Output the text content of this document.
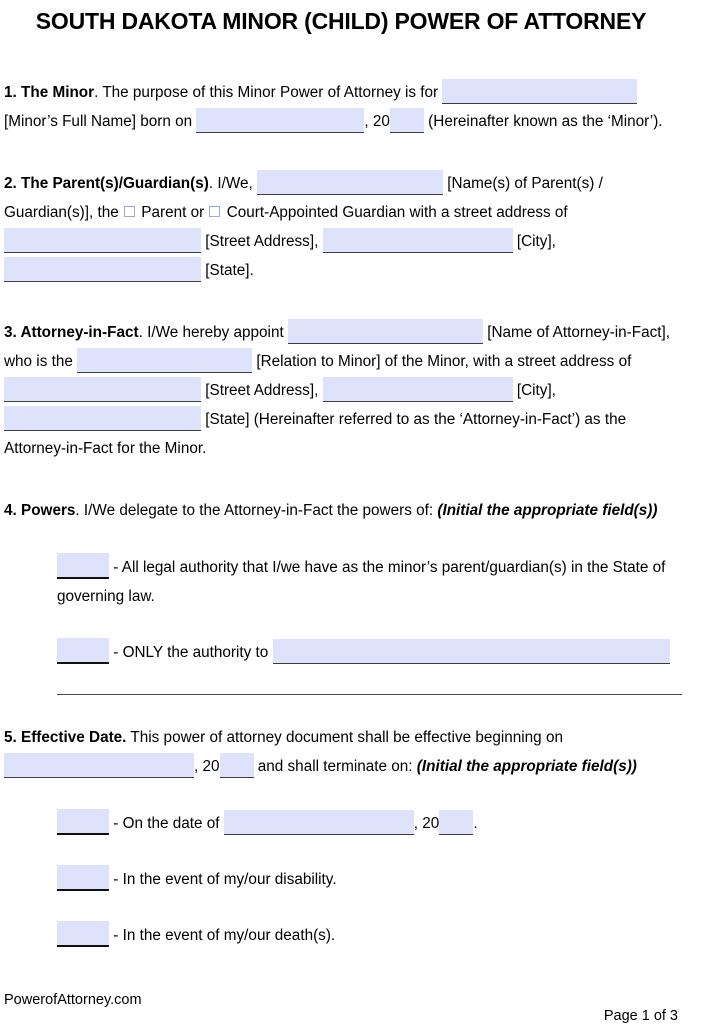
SOUTH DAKOTA MINOR (CHILD) POWER OF ATTORNEY

1. The Minor. The purpose of this Minor Power of Attorney is for  [Minor’s Full Name] born on	, 20 (Hereinafter known as the ‘Minor’).

2. The Parent(s)/Guardian(s). I/We,	[Name(s) of Parent(s) / Guardian(s)], the  Parent or  Court-Appointed Guardian with a street address of  [Street Address],	[City],  [State].

3. Attorney-in-Fact. I/We hereby appoint	[Name of Attorney-in-Fact], who is the	[Relation to Minor] of the Minor, with a street address of  [Street Address],	[City],  [State] (Hereinafter referred to as the ‘Attorney-in-Fact’) as the Attorney-in-Fact for the Minor.

4. Powers. I/We delegate to the Attorney-in-Fact the powers of: (Initial the appropriate field(s))

- All legal authority that I/we have as the minor’s parent/guardian(s) in the State of governing law.

- ONLY the authority to

5. Effective Date. This power of attorney document shall be effective beginning on , 20 and shall terminate on: (Initial the appropriate field(s))

- On the date of	, 20 .

- In the event of my/our disability.

- In the event of my/our death(s).

PowerofAttorney.com
Page 1 of 3
